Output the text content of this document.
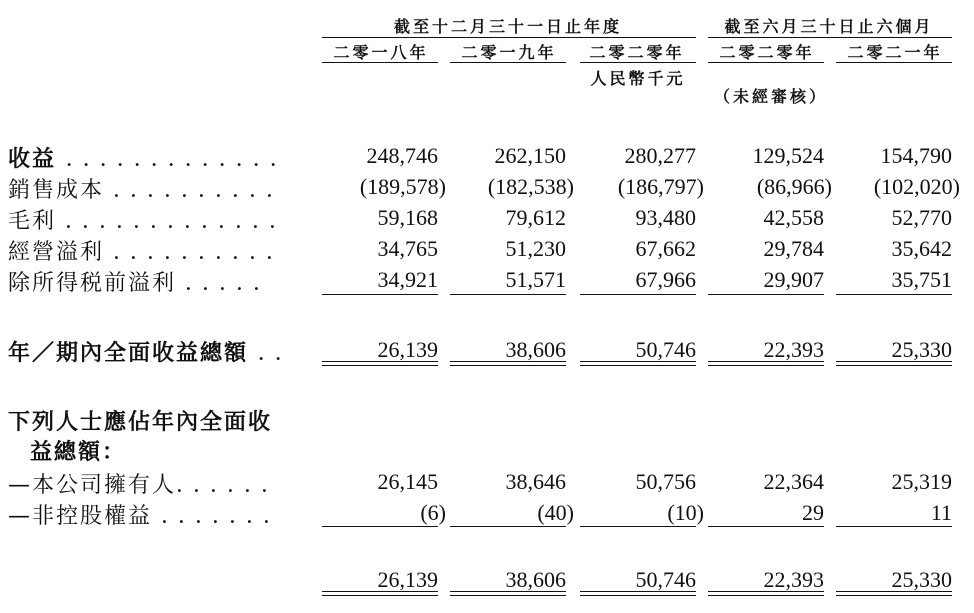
截至十二月三十一日止年度	截至六月三十日止六個月
二零一八年	二零一九年	二零二零年	二零二零年	二零二一年
人民幣千元
（未經審核）
收益 ．．．．．．．．．．．．．	248,746	262,150	280,277	129,524	154,790
銷售成本 ．．．．．．．．．．	(189,578)	(182,538)	(186,797)	(86,966)	(102,020)
毛利 ．．．．．．．．．．．．．	59,168	79,612	93,480	42,558	52,770
經營溢利 ．．．．．．．．．．	34,765	51,230	67,662	29,784	35,642
除所得税前溢利 ．．．．．	34,921	51,571	67,966	29,907	35,751
年／期內全面收益總額 ．．	26,139	38,606	50,746	22,393	25,330
下列人士應佔年內全面收
益總額：
—本公司擁有人．．．．．．	26,145	38,646	50,756	22,364	25,319
—非控股權益 ．．．．．．．	(6)	(40)	(10)	29	11
26,139	38,606	50,746	22,393	25,330
